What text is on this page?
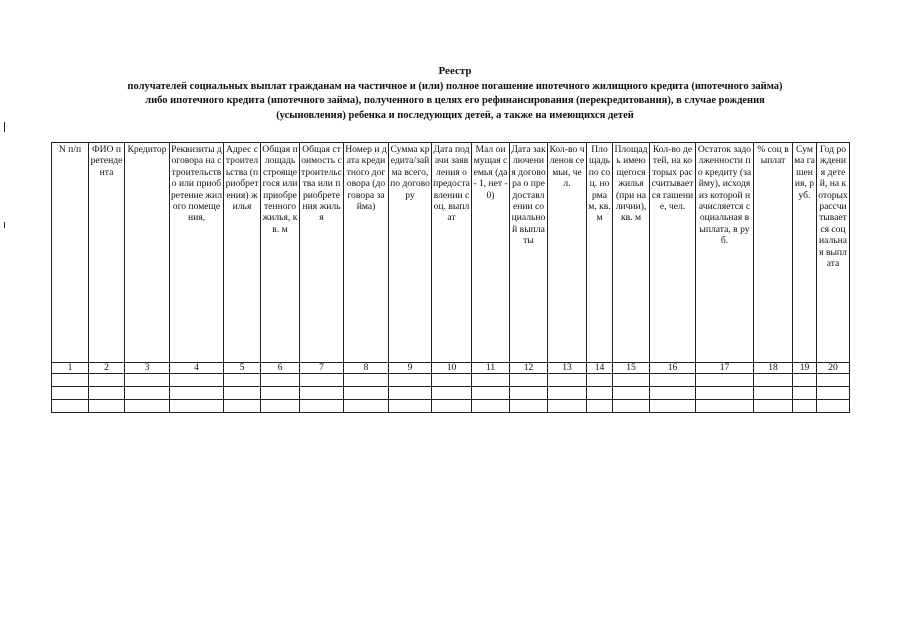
Реестр
получателей социальных выплат гражданам на частичное и (или) полное погашение ипотечного жилищного кредита (ипотечного займа)
либо ипотечного кредита (ипотечного займа), полученного в целях его рефинансирования (перекредитования), в случае рождения
(усыновления) ребенка и последующих детей, а также на имеющихся детей
N п/п	ФИО претендента	Кредитор	Реквизиты договора на строительство или приобретение жилого помещения,	Адрес строительства (приобретения) жилья	Общая площадь строящегося или приобретенного жилья, кв. м	Общая стоимость строительства или приобретения жилья	Номер и дата кредитного договора (договора займа)	Сумма кредита/займа всего, по договору	Дата подачи заявления о предоставлении соц. выплат	Мал оимущая семья (да - 1, нет - 0)	Дата заключения договора о предоставлении социальной выплаты	Кол-во членов семьи, чел.	Площадь по соц. норма м, кв. м	Площадь имеющегося жилья (при наличии), кв. м	Кол-во детей, на которых рассчитывается гашение, чел.	Остаток задолженности по кредиту (займу), исходя из которой начисляется социальная выплата, в руб.	% соц выплат	Сумма гашения, руб.	Год рождения детей, на которых рассчитывается социальная выплата
1	2	3	4	5	6	7	8	9	10	11	12	13	14	15	16	17	18	19	20
